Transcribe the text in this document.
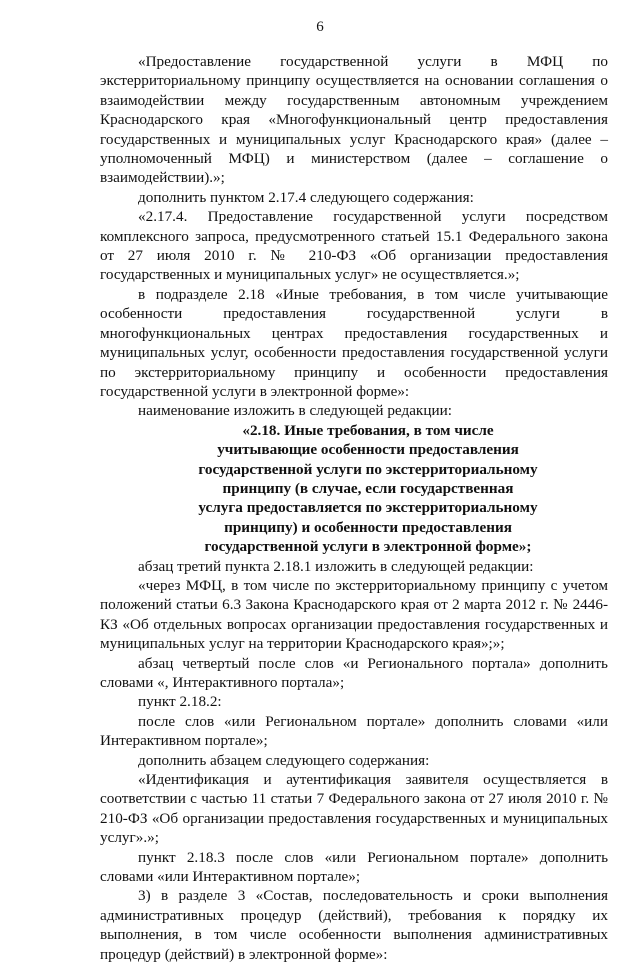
6

«Предоставление государственной услуги в МФЦ по экстерриториальному принципу осуществляется на основании соглашения о взаимодействии между государственным автономным учреждением Краснодарского края «Многофункциональный центр предоставления государственных и муниципальных услуг Краснодарского края» (далее – уполномоченный МФЦ) и министерством (далее – соглашение о взаимодействии).»;

дополнить пунктом 2.17.4 следующего содержания:

«2.17.4. Предоставление государственной услуги посредством комплексного запроса, предусмотренного статьей 15.1 Федерального закона от 27 июля 2010 г. № 210-ФЗ «Об организации предоставления государственных и муниципальных услуг» не осуществляется.»;

в подразделе 2.18 «Иные требования, в том числе учитывающие особенности предоставления государственной услуги в многофункциональных центрах предоставления государственных и муниципальных услуг, особенности предоставления государственной услуги по экстерриториальному принципу и особенности предоставления государственной услуги в электронной форме»:

наименование изложить в следующей редакции:

«2.18. Иные требования, в том числе
учитывающие особенности предоставления
государственной услуги по экстерриториальному
принципу (в случае, если государственная
услуга предоставляется по экстерриториальному
принципу) и особенности предоставления
государственной услуги в электронной форме»;

абзац третий пункта 2.18.1 изложить в следующей редакции:

«через МФЦ, в том числе по экстерриториальному принципу с учетом положений статьи 6.3 Закона Краснодарского края от 2 марта 2012 г. № 2446-КЗ «Об отдельных вопросах организации предоставления государственных и муниципальных услуг на территории Краснодарского края»;»;

абзац четвертый после слов «и Регионального портала» дополнить словами «, Интерактивного портала»;

пункт 2.18.2:

после слов «или Региональном портале» дополнить словами «или Интерактивном портале»;

дополнить абзацем следующего содержания:

«Идентификация и аутентификация заявителя осуществляется в соответствии с частью 11 статьи 7 Федерального закона от 27 июля 2010 г. № 210-ФЗ «Об организации предоставления государственных и муниципальных услуг».»;

пункт 2.18.3 после слов «или Региональном портале» дополнить словами «или Интерактивном портале»;

3) в разделе 3 «Состав, последовательность и сроки выполнения административных процедур (действий), требования к порядку их выполнения, в том числе особенности выполнения административных процедур (действий) в электронной форме»:
